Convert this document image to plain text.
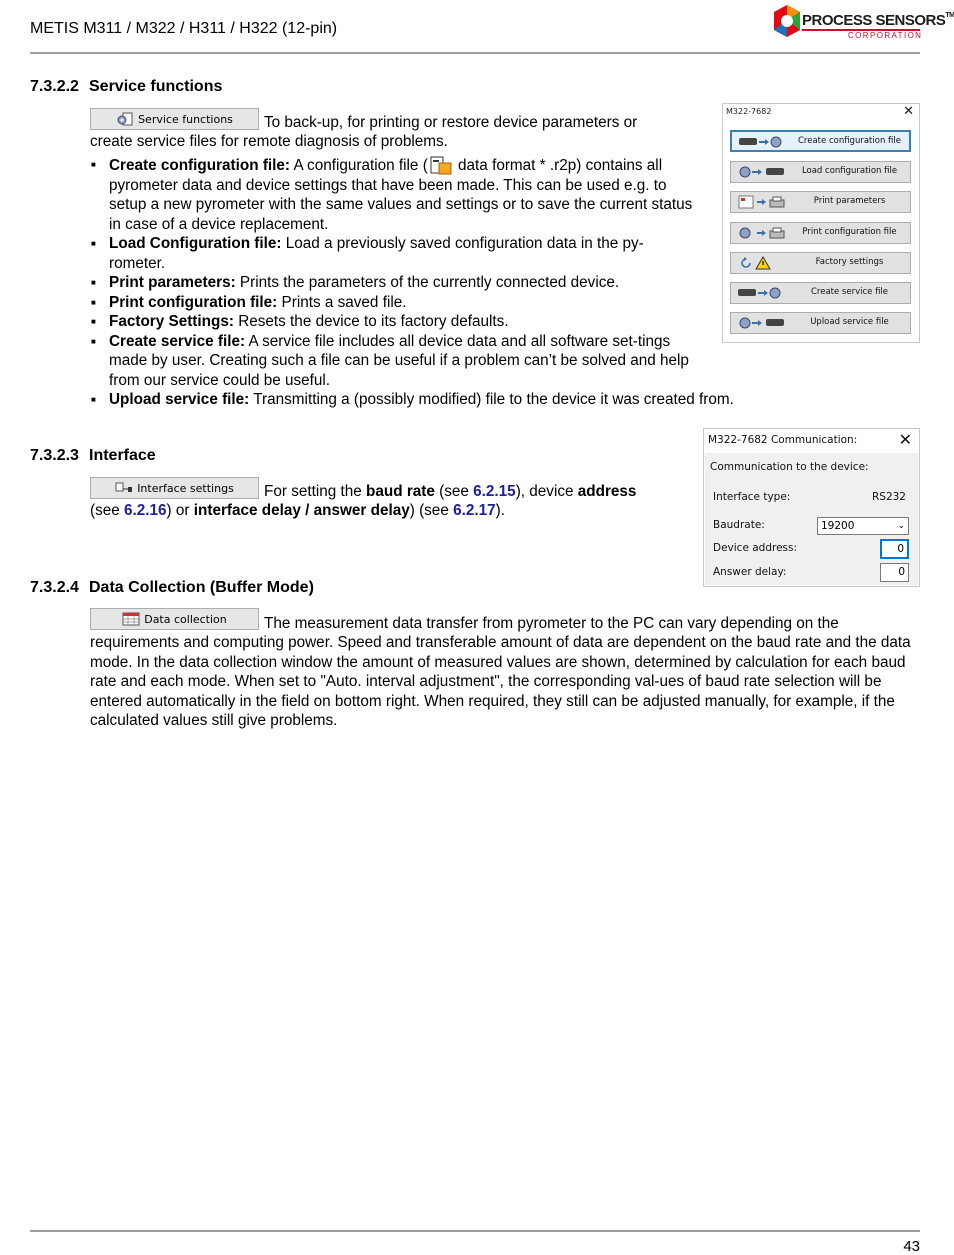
METIS M311 / M322 / H311 / H322 (12-pin)	PROCESS SENSORS™
CORPORATION
7.3.2.2 Service functions
Service functions To back-up, for printing or restore device parameters or
create service files for remote diagnosis of problems.
■ Create configuration file: A configuration file ( data format * .r2p) contains all pyrometer data and device settings that have been made. This can be used e.g. to setup a new pyrometer with the same values and settings or to save the current status in case of a device replacement.
■ Load Configuration file: Load a previously saved configuration data in the py-rometer.
■ Print parameters: Prints the parameters of the currently connected device.
■ Print configuration file: Prints a saved file.
■ Factory Settings: Resets the device to its factory defaults.
■ Create service file: A service file includes all device data and all software set-tings made by user. Creating such a file can be useful if a problem can’t be solved and help from our service could be useful.
■ Upload service file: Transmitting a (possibly modified) file to the device it was created from.
M322-7682	✕
Create configuration file
Load configuration file
Print parameters
Print configuration file
Factory settings
Create service file
Upload service file
7.3.2.3 Interface
Interface settings For setting the baud rate (see 6.2.15), device address
(see 6.2.16) or interface delay / answer delay) (see 6.2.17).
M322-7682 Communication:	✕
Communication to the device:
Interface type:	RS232
Baudrate:	19200	⌄
Device address:	0
Answer delay:	0
7.3.2.4 Data Collection (Buffer Mode)
Data collection The measurement data transfer from pyrometer to the PC can vary depending on the
requirements and computing power. Speed and transferable amount of data are dependent on the baud rate and the data mode. In the data collection window the amount of measured values are shown, determined by calculation for each baud rate and each mode. When set to "Auto. interval adjustment", the corresponding val-ues of baud rate selection will be entered automatically in the field on bottom right. When required, they still can be adjusted manually, for example, if the calculated values still give problems.
43
